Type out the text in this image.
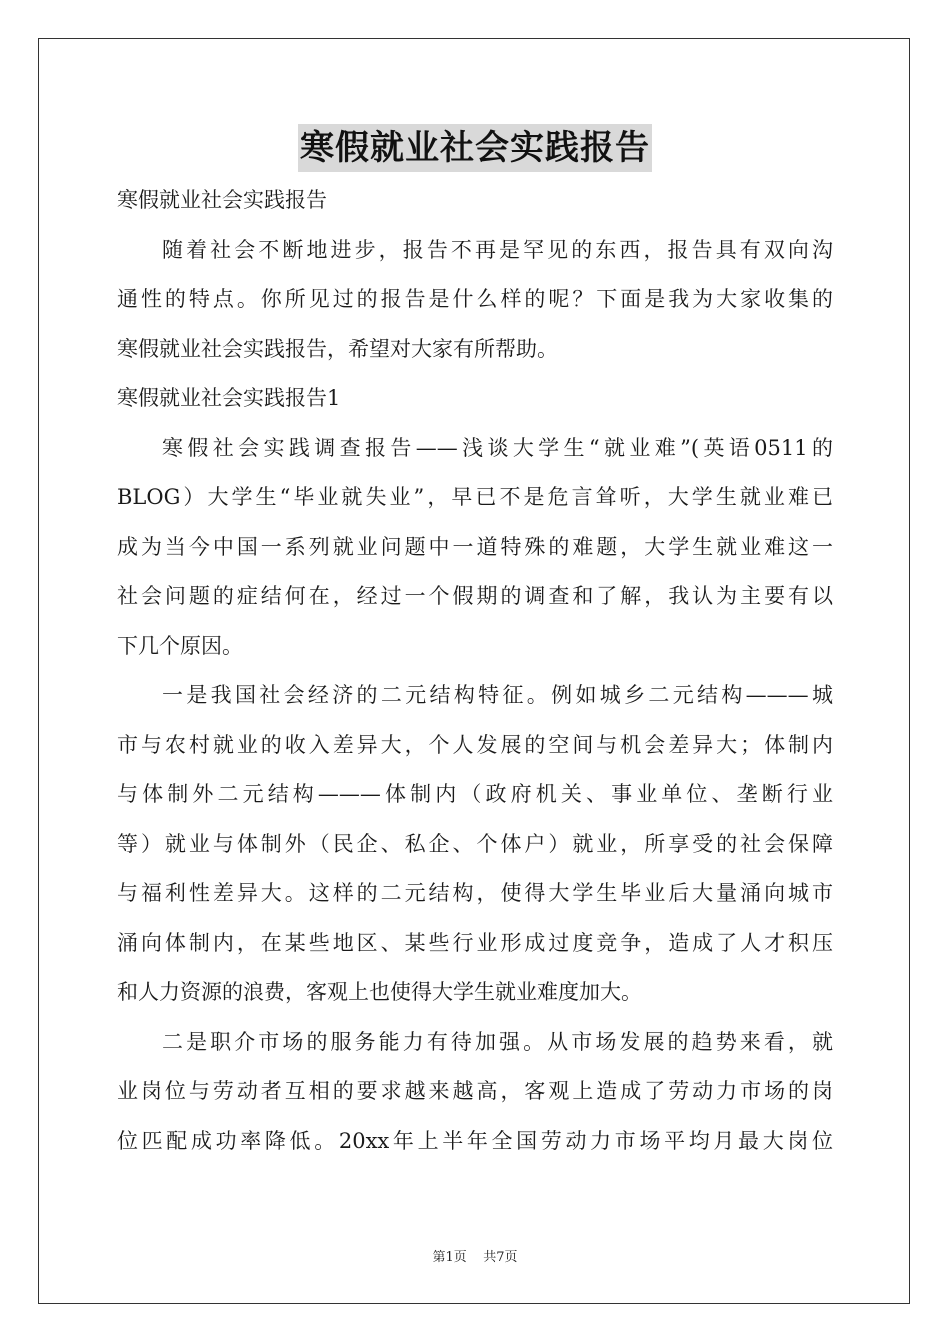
寒假就业社会实践报告
寒假就业社会实践报告
随着社会不断地进步，报告不再是罕见的东西，报告具有双向沟
通性的特点。你所见过的报告是什么样的呢？下面是我为大家收集的
寒假就业社会实践报告，希望对大家有所帮助。
寒假就业社会实践报告1
寒假社会实践调查报告——浅谈大学生“就业难”(英语0511的
BLOG）大学生“毕业就失业”，早已不是危言耸听，大学生就业难已
成为当今中国一系列就业问题中一道特殊的难题，大学生就业难这一
社会问题的症结何在，经过一个假期的调查和了解，我认为主要有以
下几个原因。
一是我国社会经济的二元结构特征。例如城乡二元结构———城
市与农村就业的收入差异大，个人发展的空间与机会差异大；体制内
与体制外二元结构———体制内（政府机关、事业单位、垄断行业
等）就业与体制外（民企、私企、个体户）就业，所享受的社会保障
与福利性差异大。这样的二元结构，使得大学生毕业后大量涌向城市
涌向体制内，在某些地区、某些行业形成过度竞争，造成了人才积压
和人力资源的浪费，客观上也使得大学生就业难度加大。
二是职介市场的服务能力有待加强。从市场发展的趋势来看，就
业岗位与劳动者互相的要求越来越高，客观上造成了劳动力市场的岗
位匹配成功率降低。20xx年上半年全国劳动力市场平均月最大岗位
第1页    共7页
